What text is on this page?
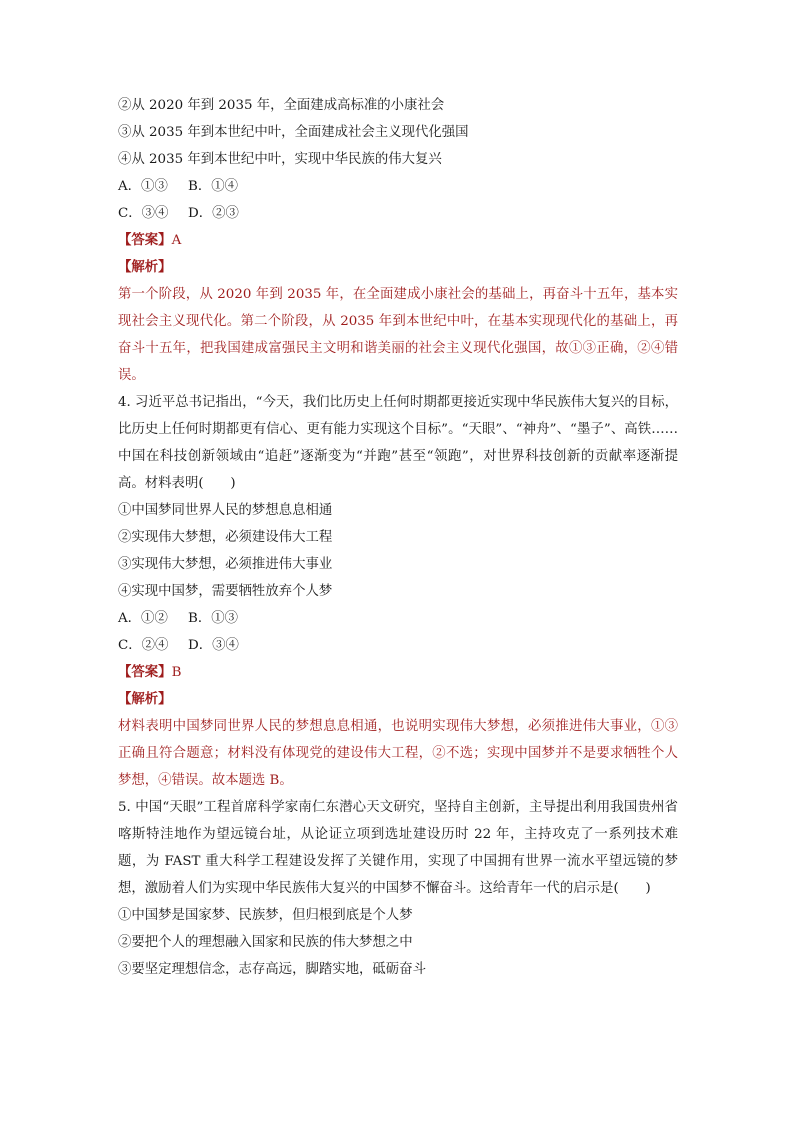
②从 2020 年到 2035 年，全面建成高标准的小康社会

③从 2035 年到本世纪中叶，全面建成社会主义现代化强国

④从 2035 年到本世纪中叶，实现中华民族的伟大复兴

A．①③ B．①④

C．③④ D．②③

【答案】A

【解析】

第一个阶段，从 2020 年到 2035 年，在全面建成小康社会的基础上，再奋斗十五年，基本实现社会主义现代化。第二个阶段，从 2035 年到本世纪中叶，在基本实现现代化的基础上，再奋斗十五年，把我国建成富强民主文明和谐美丽的社会主义现代化强国，故①③正确，②④错误。

4. 习近平总书记指出，“今天，我们比历史上任何时期都更接近实现中华民族伟大复兴的目标，比历史上任何时期都更有信心、更有能力实现这个目标”。“天眼”、“神舟”、“墨子”、高铁……中国在科技创新领域由“追赶”逐渐变为“并跑”甚至“领跑”，对世界科技创新的贡献率逐渐提高。材料表明(　　)

①中国梦同世界人民的梦想息息相通

②实现伟大梦想，必须建设伟大工程

③实现伟大梦想，必须推进伟大事业

④实现中国梦，需要牺牲放弃个人梦

A．①② B．①③

C．②④ D．③④

【答案】B

【解析】

材料表明中国梦同世界人民的梦想息息相通，也说明实现伟大梦想，必须推进伟大事业，①③正确且符合题意；材料没有体现党的建设伟大工程，②不选；实现中国梦并不是要求牺牲个人梦想，④错误。故本题选 B。

5. 中国“天眼”工程首席科学家南仁东潜心天文研究，坚持自主创新，主导提出利用我国贵州省喀斯特洼地作为望远镜台址，从论证立项到选址建设历时 22 年，主持攻克了一系列技术难题，为 FAST 重大科学工程建设发挥了关键作用，实现了中国拥有世界一流水平望远镜的梦想，激励着人们为实现中华民族伟大复兴的中国梦不懈奋斗。这给青年一代的启示是(　　)

①中国梦是国家梦、民族梦，但归根到底是个人梦

②要把个人的理想融入国家和民族的伟大梦想之中

③要坚定理想信念，志存高远，脚踏实地，砥砺奋斗
